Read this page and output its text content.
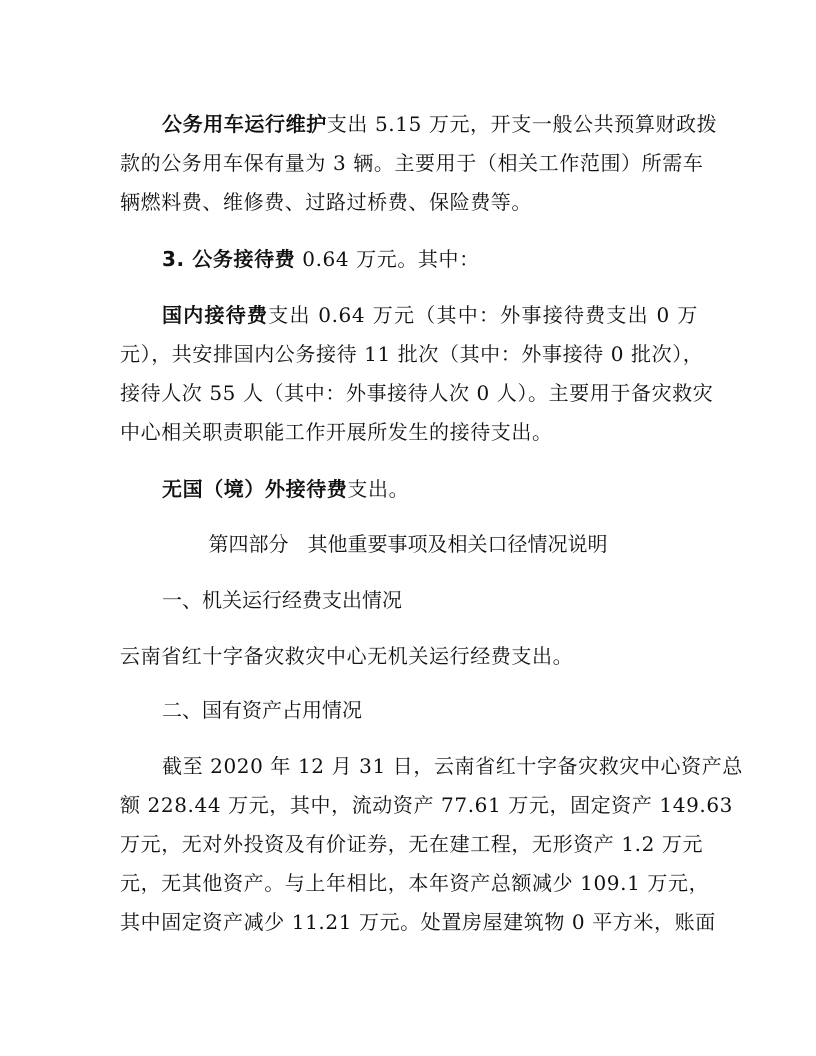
公务用车运行维护支出 5.15 万元，开支一般公共预算财政拨
款的公务用车保有量为 3 辆。主要用于（相关工作范围）所需车
辆燃料费、维修费、过路过桥费、保险费等。
3. 公务接待费 0.64 万元。其中：
国内接待费支出 0.64 万元（其中：外事接待费支出 0 万
元），共安排国内公务接待 11 批次（其中：外事接待 0 批次），
接待人次 55 人（其中：外事接待人次 0 人）。主要用于备灾救灾
中心相关职责职能工作开展所发生的接待支出。
无国（境）外接待费支出。
第四部分   其他重要事项及相关口径情况说明
一、机关运行经费支出情况
云南省红十字备灾救灾中心无机关运行经费支出。
二、国有资产占用情况
截至 2020 年 12 月 31 日，云南省红十字备灾救灾中心资产总
额 228.44 万元，其中，流动资产 77.61 万元，固定资产 149.63
万元，无对外投资及有价证券，无在建工程，无形资产 1.2 万元
元，无其他资产。与上年相比，本年资产总额减少 109.1 万元，
其中固定资产减少 11.21 万元。处置房屋建筑物 0 平方米，账面
